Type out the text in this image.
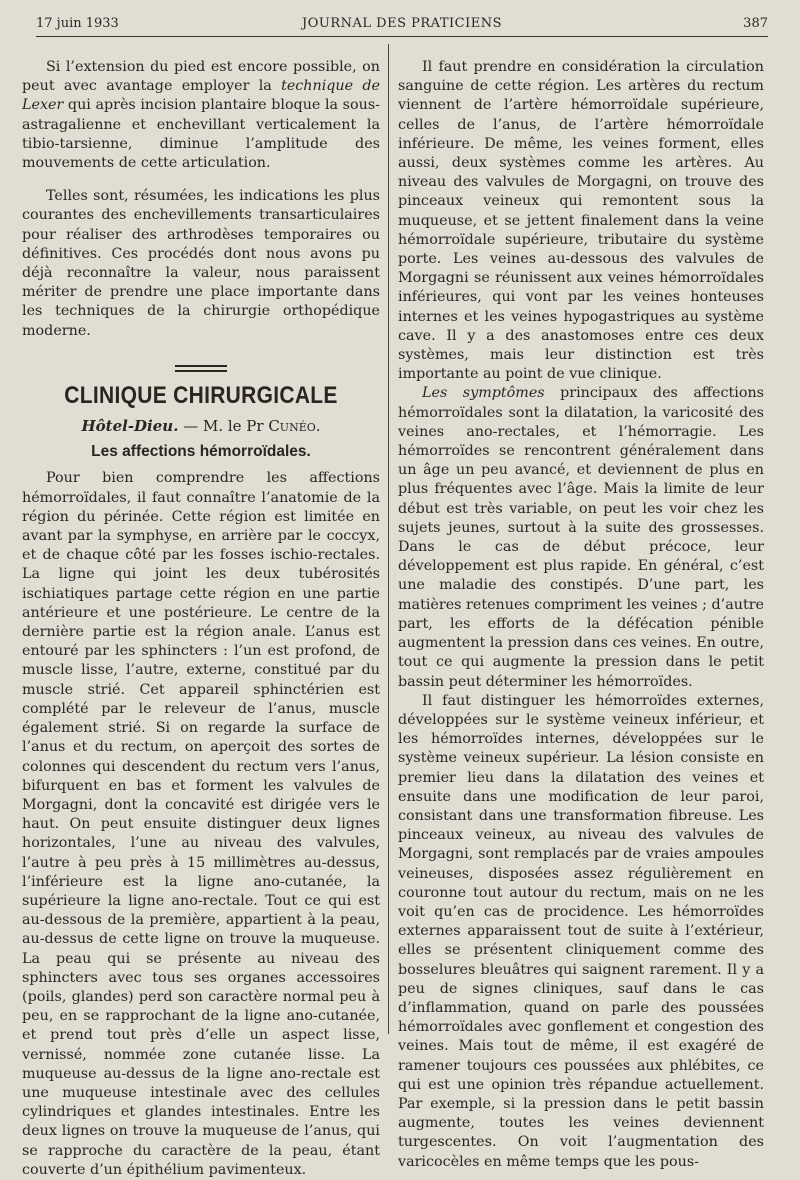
17 juin 1933	JOURNAL DES PRATICIENS	387

Si l’extension du pied est encore possible, on peut avec avantage employer la technique de Lexer qui après incision plantaire bloque la sous-astragalienne et enchevillant verticalement la tibio-tarsienne, diminue l’amplitude des mouvements de cette articulation.

Telles sont, résumées, les indications les plus courantes des enchevillements transarticulaires pour réaliser des arthrodèses temporaires ou définitives. Ces procédés dont nous avons pu déjà reconnaître la valeur, nous paraissent mériter de prendre une place importante dans les techniques de la chirurgie orthopédique moderne.

CLINIQUE CHIRURGICALE
Hôtel-Dieu. — M. le Pr Cunéo.
Les affections hémorroïdales.

Pour bien comprendre les affections hémorroïdales, il faut connaître l’anatomie de la région du périnée. Cette région est limitée en avant par la symphyse, en arrière par le coccyx, et de chaque côté par les fosses ischio-rectales. La ligne qui joint les deux tubérosités ischiatiques partage cette région en une partie antérieure et une postérieure. Le centre de la dernière partie est la région anale. L’anus est entouré par les sphincters : l’un est profond, de muscle lisse, l’autre, externe, constitué par du muscle strié. Cet appareil sphinctérien est complété par le releveur de l’anus, muscle également strié. Si on regarde la surface de l’anus et du rectum, on aperçoit des sortes de colonnes qui descendent du rectum vers l’anus, bifurquent en bas et forment les valvules de Morgagni, dont la concavité est dirigée vers le haut. On peut ensuite distinguer deux lignes horizontales, l’une au niveau des valvules, l’autre à peu près à 15 millimètres au-dessus, l’inférieure est la ligne ano-cutanée, la supérieure la ligne ano-rectale. Tout ce qui est au-dessous de la première, appartient à la peau, au-dessus de cette ligne on trouve la muqueuse. La peau qui se présente au niveau des sphincters avec tous ses organes accessoires (poils, glandes) perd son caractère normal peu à peu, en se rapprochant de la ligne ano-cutanée, et prend tout près d’elle un aspect lisse, vernissé, nommée zone cutanée lisse. La muqueuse au-dessus de la ligne ano-rectale est une muqueuse intestinale avec des cellules cylindriques et glandes intestinales. Entre les deux lignes on trouve la muqueuse de l’anus, qui se rapproche du caractère de la peau, étant couverte d’un épithélium pavimenteux.

Il faut prendre en considération la circulation sanguine de cette région. Les artères du rectum viennent de l’artère hémorroïdale supérieure, celles de l’anus, de l’artère hémorroïdale inférieure. De même, les veines forment, elles aussi, deux systèmes comme les artères. Au niveau des valvules de Morgagni, on trouve des pinceaux veineux qui remontent sous la muqueuse, et se jettent finalement dans la veine hémorroïdale supérieure, tributaire du système porte. Les veines au-dessous des valvules de Morgagni se réunissent aux veines hémorroïdales inférieures, qui vont par les veines honteuses internes et les veines hypogastriques au système cave. Il y a des anastomoses entre ces deux systèmes, mais leur distinction est très importante au point de vue clinique.

Les symptômes principaux des affections hémorroïdales sont la dilatation, la varicosité des veines ano-rectales, et l’hémorragie. Les hémorroïdes se rencontrent généralement dans un âge un peu avancé, et deviennent de plus en plus fréquentes avec l’âge. Mais la limite de leur début est très variable, on peut les voir chez les sujets jeunes, surtout à la suite des grossesses. Dans le cas de début précoce, leur développement est plus rapide. En général, c’est une maladie des constipés. D’une part, les matières retenues compriment les veines ; d’autre part, les efforts de la défécation pénible augmentent la pression dans ces veines. En outre, tout ce qui augmente la pression dans le petit bassin peut déterminer les hémorroïdes.

Il faut distinguer les hémorroïdes externes, développées sur le système veineux inférieur, et les hémorroïdes internes, développées sur le système veineux supérieur. La lésion consiste en premier lieu dans la dilatation des veines et ensuite dans une modification de leur paroi, consistant dans une transformation fibreuse. Les pinceaux veineux, au niveau des valvules de Morgagni, sont remplacés par de vraies ampoules veineuses, disposées assez régulièrement en couronne tout autour du rectum, mais on ne les voit qu’en cas de procidence. Les hémorroïdes externes apparaissent tout de suite à l’extérieur, elles se présentent cliniquement comme des bosselures bleuâtres qui saignent rarement. Il y a peu de signes cliniques, sauf dans le cas d’inflammation, quand on parle des poussées hémorroïdales avec gonflement et congestion des veines. Mais tout de même, il est exagéré de ramener toujours ces poussées aux phlébites, ce qui est une opinion très répandue actuellement. Par exemple, si la pression dans le petit bassin augmente, toutes les veines deviennent turgescentes. On voit l’augmentation des varicocèles en même temps que les pous-
